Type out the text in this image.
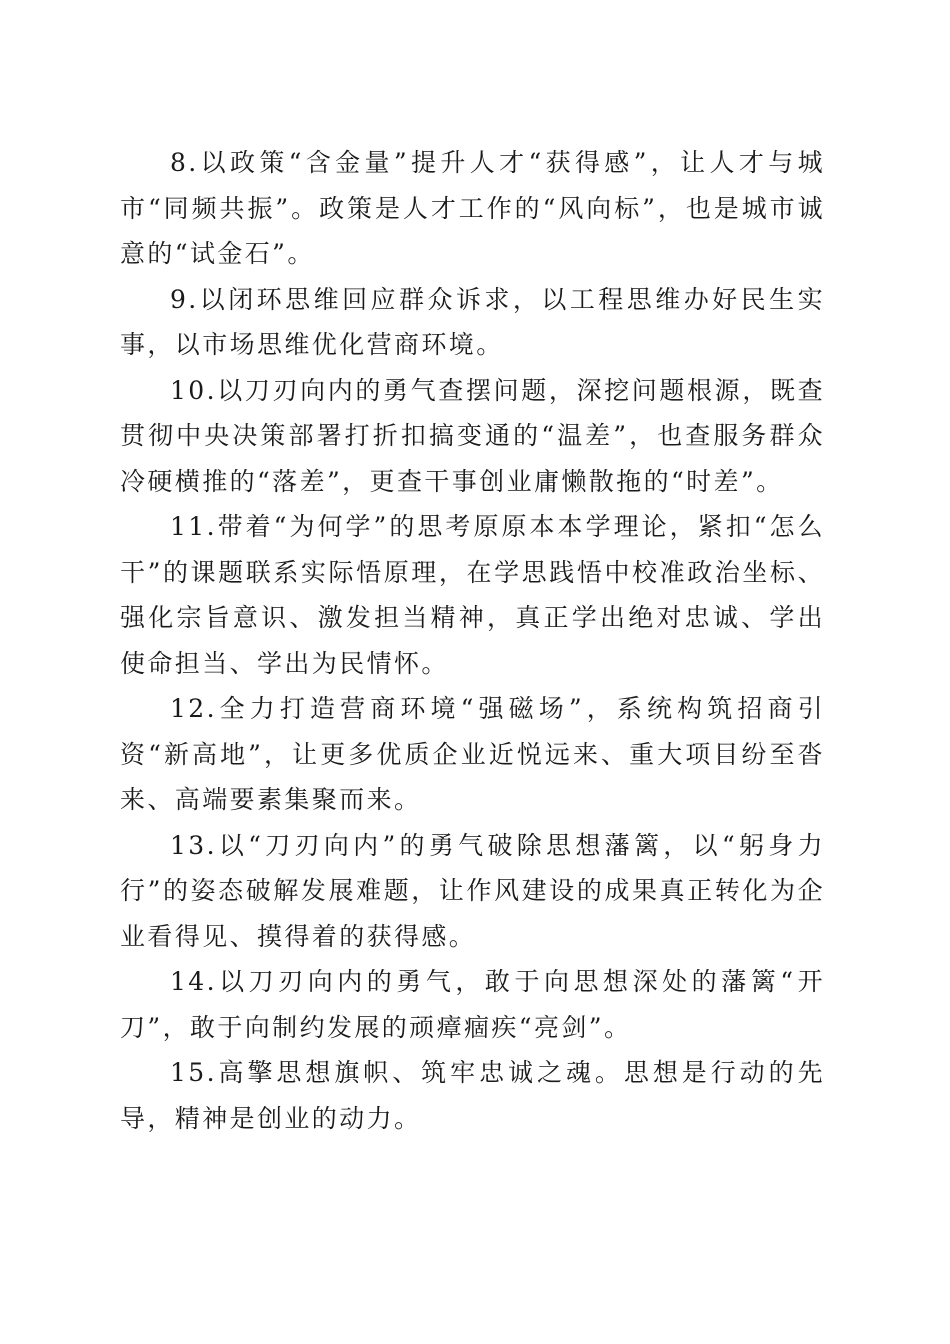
8.以政策“含金量”提升人才“获得感”，让人才与城市“同频共振”。政策是人才工作的“风向标”，也是城市诚意的“试金石”。

9.以闭环思维回应群众诉求，以工程思维办好民生实事，以市场思维优化营商环境。

10.以刀刃向内的勇气查摆问题，深挖问题根源，既查贯彻中央决策部署打折扣搞变通的“温差”，也查服务群众冷硬横推的“落差”，更查干事创业庸懒散拖的“时差”。

11.带着“为何学”的思考原原本本学理论，紧扣“怎么干”的课题联系实际悟原理，在学思践悟中校准政治坐标、强化宗旨意识、激发担当精神，真正学出绝对忠诚、学出使命担当、学出为民情怀。

12.全力打造营商环境“强磁场”，系统构筑招商引资“新高地”，让更多优质企业近悦远来、重大项目纷至沓来、高端要素集聚而来。

13.以“刀刃向内”的勇气破除思想藩篱，以“躬身力行”的姿态破解发展难题，让作风建设的成果真正转化为企业看得见、摸得着的获得感。

14.以刀刃向内的勇气，敢于向思想深处的藩篱“开刀”，敢于向制约发展的顽瘴痼疾“亮剑”。

15.高擎思想旗帜、筑牢忠诚之魂。思想是行动的先导，精神是创业的动力。
